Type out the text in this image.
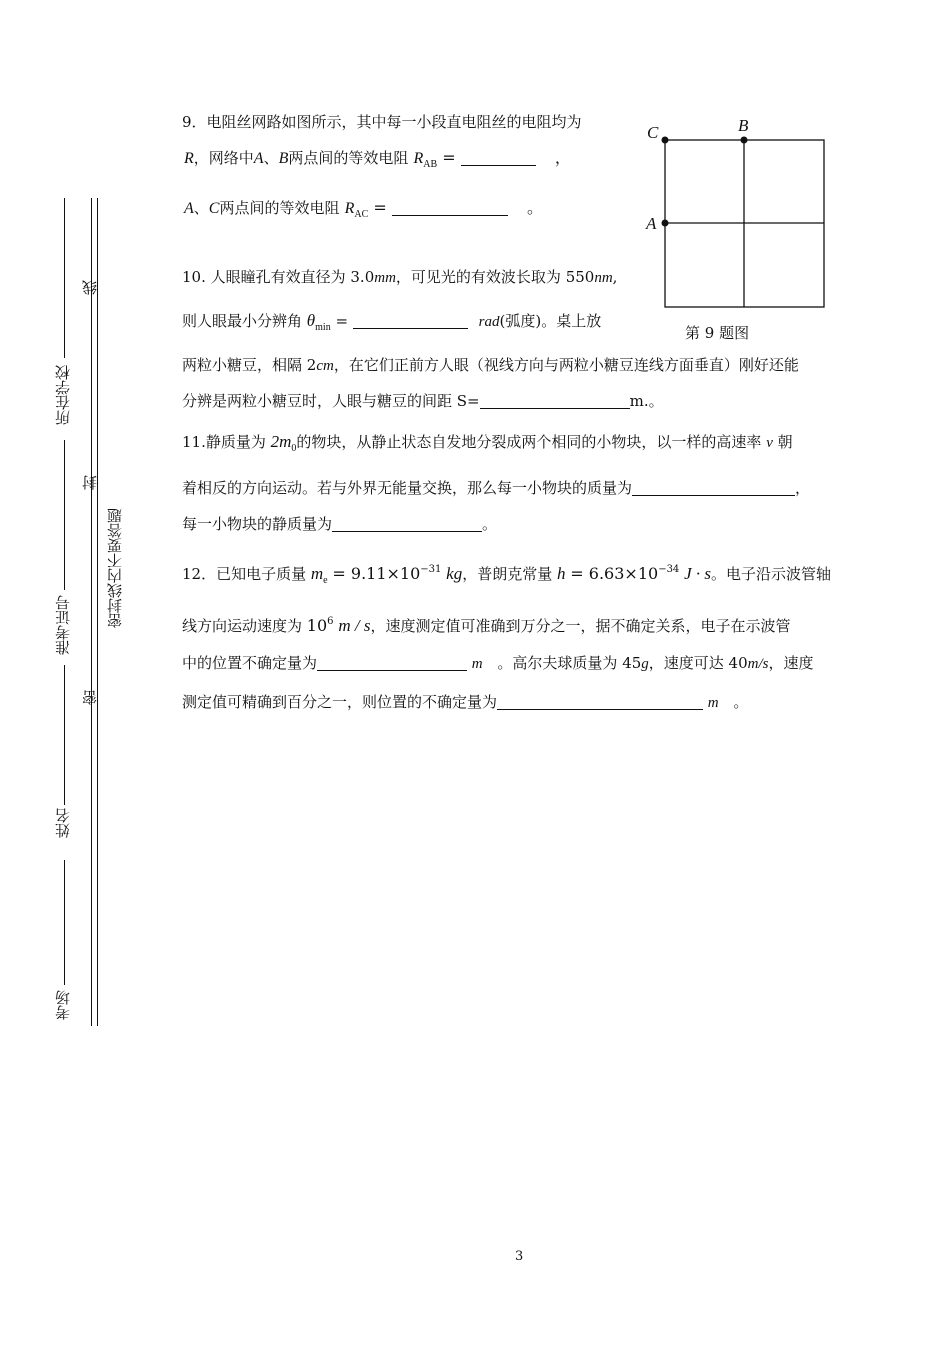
所在学校
准考证号
姓名
考场
线
封
密
密封线内不要答题
9．电阻丝网路如图所示，其中每一小段直电阻丝的电阻均为
R，网络中A、B两点间的等效电阻 $R_{AB}$ =	，
A、C两点间的等效电阻 $R_{AC}$ =	。
C	B
A
第 9 题图
10. 人眼瞳孔有效直径为 3.0mm，可见光的有效波长取为 550nm,
则人眼最小分辨角 $\theta_{min}$ =	rad(弧度)。桌上放
两粒小糖豆，相隔 2cm，在它们正前方人眼（视线方向与两粒小糖豆连线方面垂直）刚好还能
分辨是两粒小糖豆时，人眼与糖豆的间距 S=	m.。
11.静质量为 $2m_0$的物块，从静止状态自发地分裂成两个相同的小物块，以一样的高速率 v 朝
着相反的方向运动。若与外界无能量交换，那么每一小物块的质量为	，
每一小物块的静质量为	。
12．已知电子质量 $m_e = 9.11\times 10^{-31}$ kg，普朗克常量 $h = 6.63\times 10^{-34}$ J · s。电子沿示波管轴
线方向运动速度为 $10^6$ m / s，速度测定值可准确到万分之一，据不确定关系，电子在示波管
中的位置不确定量为	m 。高尔夫球质量为 45g，速度可达 40m/s，速度
测定值可精确到百分之一，则位置的不确定量为	m 。
3
